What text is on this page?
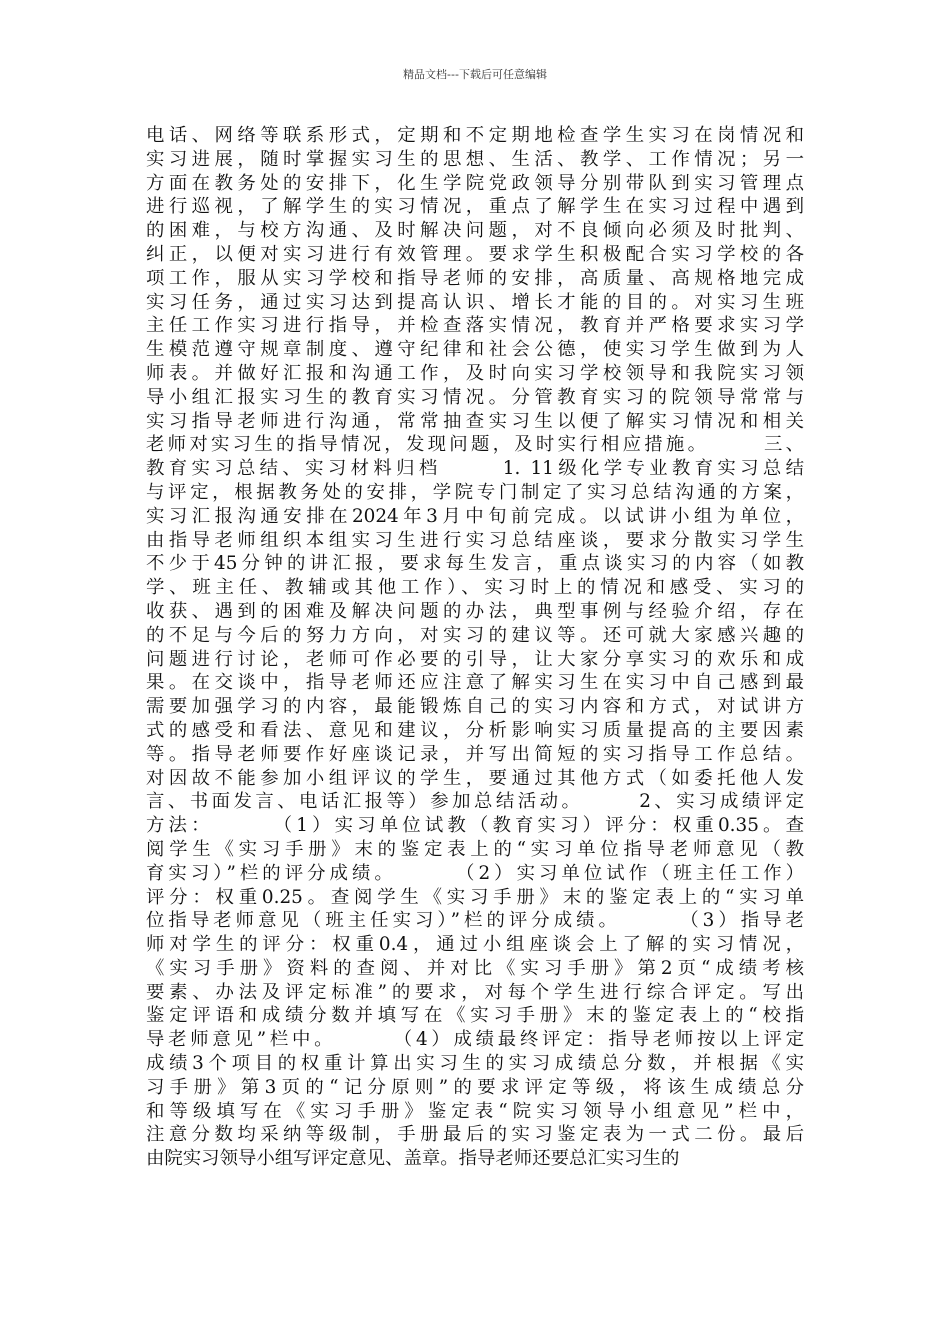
精品文档---下载后可任意编辑
电话、网络等联系形式，定期和不定期地检查学生实习在岗情况和
实习进展，随时掌握实习生的思想、生活、教学、工作情况；另一
方面在教务处的安排下，化生学院党政领导分别带队到实习管理点
进行巡视，了解学生的实习情况，重点了解学生在实习过程中遇到
的困难，与校方沟通、及时解决问题，对不良倾向必须及时批判、
纠正，以便对实习进行有效管理。要求学生积极配合实习学校的各
项工作，服从实习学校和指导老师的安排，高质量、高规格地完成
实习任务，通过实习达到提高认识、增长才能的目的。对实习生班
主任工作实习进行指导，并检查落实情况，教育并严格要求实习学
生模范遵守规章制度、遵守纪律和社会公德，使实习学生做到为人
师表。并做好汇报和沟通工作，及时向实习学校领导和我院实习领
导小组汇报实习生的教育实习情况。分管教育实习的院领导常常与
实习指导老师进行沟通，常常抽查实习生以便了解实习情况和相关
老师对实习生的指导情况，发现问题，及时实行相应措施。      三、
教育实习总结、实习材料归档      1. 11级化学专业教育实习总结
与评定，根据教务处的安排，学院专门制定了实习总结沟通的方案，
实习汇报沟通安排在2024年3月中旬前完成。以试讲小组为单位，
由指导老师组织本组实习生进行实习总结座谈，要求分散实习学生
不少于45分钟的讲汇报，要求每生发言，重点谈实习的内容（如教
学、班主任、教辅或其他工作）、实习时上的情况和感受、实习的
收获、遇到的困难及解决问题的办法，典型事例与经验介绍，存在
的不足与今后的努力方向，对实习的建议等。还可就大家感兴趣的
问题进行讨论，老师可作必要的引导，让大家分享实习的欢乐和成
果。在交谈中，指导老师还应注意了解实习生在实习中自己感到最
需要加强学习的内容，最能锻炼自己的实习内容和方式，对试讲方
式的感受和看法、意见和建议，分析影响实习质量提高的主要因素
等。指导老师要作好座谈记录，并写出简短的实习指导工作总结。
对因故不能参加小组评议的学生，要通过其他方式（如委托他人发
言、书面发言、电话汇报等）参加总结活动。      2、实习成绩评定
方法：      （1）实习单位试教（教育实习）评分：权重0.35。查
阅学生《实习手册》末的鉴定表上的“实习单位指导老师意见（教
育实习）”栏的评分成绩。      （2）实习单位试作（班主任工作）
评分：权重0.25。查阅学生《实习手册》末的鉴定表上的“实习单
位指导老师意见（班主任实习）”栏的评分成绩。      （3）指导老
师对学生的评分：权重0.4，通过小组座谈会上了解的实习情况，
《实习手册》资料的查阅、并对比《实习手册》第2页“成绩考核
要素、办法及评定标准”的要求，对每个学生进行综合评定。写出
鉴定评语和成绩分数并填写在《实习手册》末的鉴定表上的“校指
导老师意见”栏中。      （4）成绩最终评定：指导老师按以上评定
成绩3个项目的权重计算出实习生的实习成绩总分数，并根据《实
习手册》第3页的“记分原则”的要求评定等级，将该生成绩总分
和等级填写在《实习手册》鉴定表“院实习领导小组意见”栏中，
注意分数均采纳等级制，手册最后的实习鉴定表为一式二份。最后
由院实习领导小组写评定意见、盖章。指导老师还要总汇实习生的
